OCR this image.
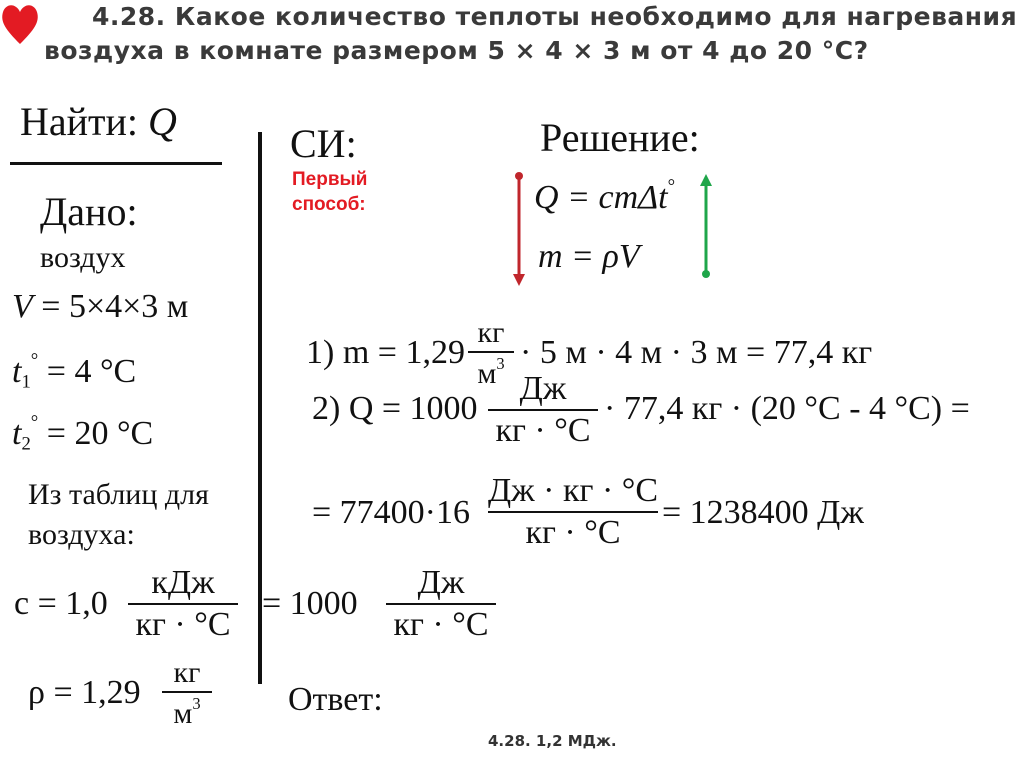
4.28. Какое количество теплоты необходимо для нагревания
воздуха в комнате размером 5 × 4 × 3 м от 4 до 20 °С?
Найти: Q
Дано:
воздух
V = 5×4×3 м
$t_1^\circ = 4$ °C
$t_2^\circ = 20$ °C
Из таблиц для
воздуха:
c = 1,0
кДж
кг · °C
= 1000
Дж
кг · °C
ρ = 1,29
кг
$м^3$
СИ:
Первый
способ:
Решение:
Q = cmΔt°
m = ρV
1) m = 1,29
кг
$м^3 \cdot 5$ м · 4 м · 3 м = 77,4 кг
2) Q = 1000
Дж
кг · °C
· 77,4 кг · (20 °C - 4 °C) =
= 77400·16
Дж · кг · °C
кг · °C
= 1238400 Дж
Ответ:
4.28. 1,2 МДж.
